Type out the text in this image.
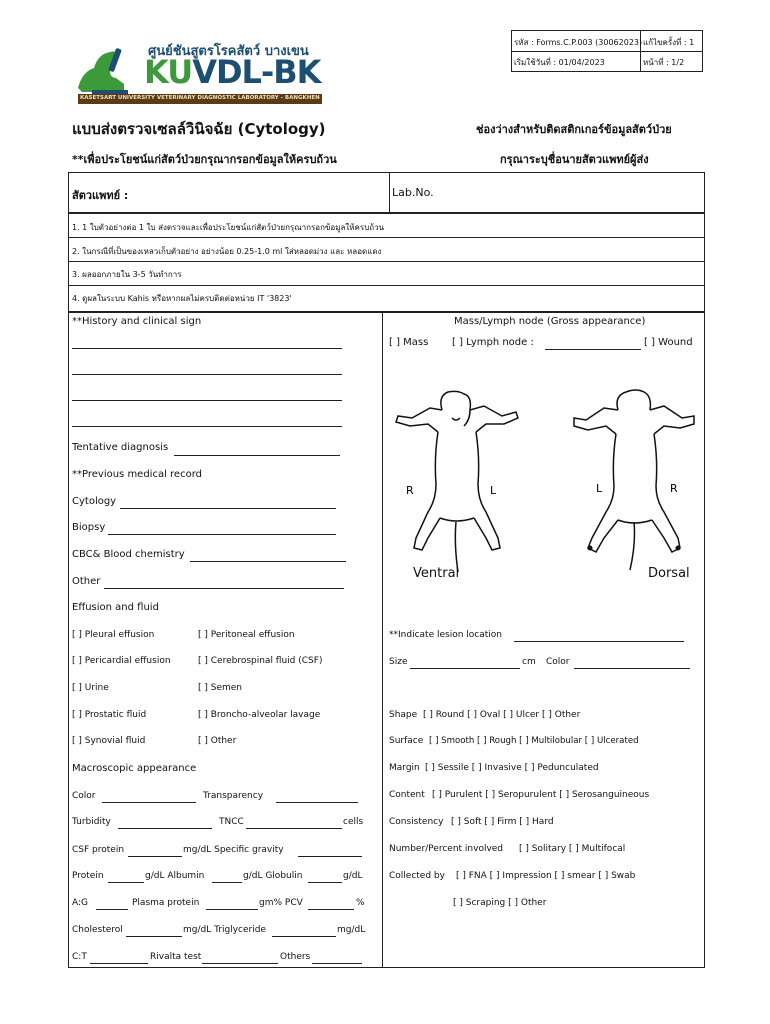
รหัส : Forms.C.P.003 (30062023) แก้ไขครั้งที่ : 1
เริ่มใช้วันที่ : 01/04/2023	หน้าที่ : 1/2
ศูนย์ชันสูตรโรคสัตว์ บางเขน
KUVDL-BK
KASETSART UNIVERSITY VETERINARY DIAGNOSTIC LABORATORY - BANGKHEN
แบบส่งตรวจเซลล์วินิจฉัย (Cytology)
**เพื่อประโยชน์แก่สัตว์ป่วยกรุณากรอกข้อมูลให้ครบถ้วน
ช่องว่างสำหรับติดสติกเกอร์ข้อมูลสัตว์ป่วย
กรุณาระบุชื่อนายสัตวแพทย์ผู้ส่ง
สัตวแพทย์ :	Lab.No.
1. 1 ใบตัวอย่างต่อ 1 ใบ ส่งตรวจและเพื่อประโยชน์แก่สัตว์ป่วยกรุณากรอกข้อมูลให้ครบถ้วน
2. ในกรณีที่เป็นของเหลวเก็บตัวอย่าง อย่างน้อย 0.25-1.0 ml ใส่หลอดม่วง และ หลอดแดง
3. ผลออกภายใน 3-5 วันทำการ
4. ดูผลในระบบ Kahis หรือหากผลไม่ครบติดต่อหน่วย IT '3823'
**History and clinical sign
Tentative diagnosis
**Previous medical record
Cytology
Biopsy
CBC& Blood chemistry
Other
Effusion and fluid
[ ] Pleural effusion	[ ] Peritoneal effusion
[ ] Pericardial effusion	[ ] Cerebrospinal fluid (CSF)
[ ] Urine	[ ] Semen
[ ] Prostatic fluid	[ ] Broncho-alveolar lavage
[ ] Synovial fluid	[ ] Other
Macroscopic appearance
Color	Transparency
Turbidity	TNCC	cells
CSF protein	mg/dL Specific gravity
Protein	g/dL Albumin	g/dL Globulin	g/dL
A:G	Plasma protein	gm% PCV	%
Cholesterol	mg/dL Triglyceride	mg/dL
C:T	Rivalta test	Others
Mass/Lymph node (Gross appearance)
[ ] Mass [ ] Lymph node :	[ ] Wound
R	L
Ventral
L	R
Dorsal
**Indicate lesion location
Size	cm Color
Shape [ ] Round [ ] Oval [ ] Ulcer [ ] Other
Surface [ ] Smooth [ ] Rough [ ] Multilobular [ ] Ulcerated
Margin [ ] Sessile [ ] Invasive [ ] Pedunculated
Content [ ] Purulent [ ] Seropurulent [ ] Serosanguineous
Consistency [ ] Soft [ ] Firm [ ] Hard
Number/Percent involved [ ] Solitary [ ] Multifocal
Collected by [ ] FNA [ ] Impression [ ] smear [ ] Swab
[ ] Scraping [ ] Other
